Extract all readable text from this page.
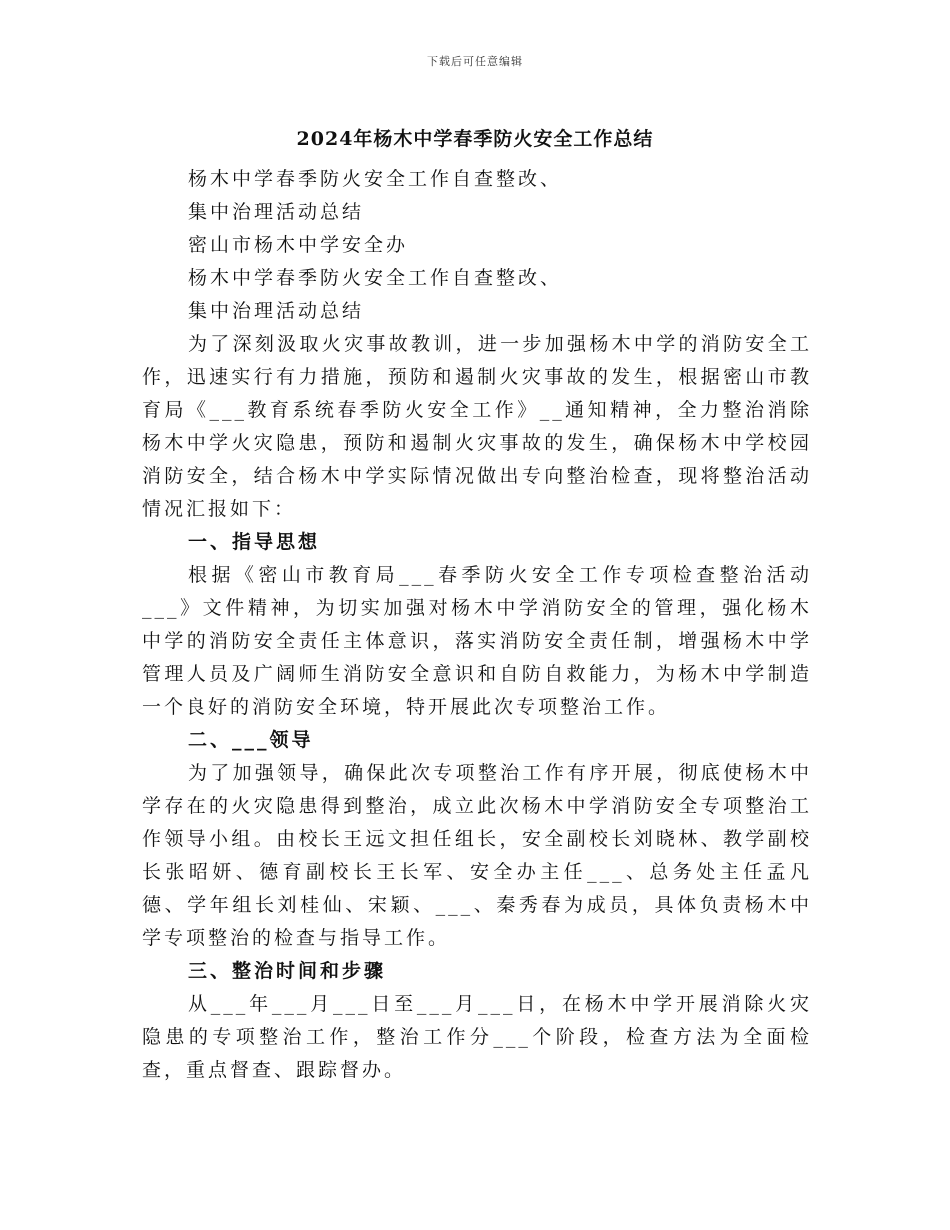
下载后可任意编辑
2024年杨木中学春季防火安全工作总结

杨木中学春季防火安全工作自查整改、

集中治理活动总结

密山市杨木中学安全办

杨木中学春季防火安全工作自查整改、

集中治理活动总结

为了深刻汲取火灾事故教训，进一步加强杨木中学的消防安全工作，迅速实行有力措施，预防和遏制火灾事故的发生，根据密山市教育局《___教育系统春季防火安全工作》__通知精神，全力整治消除杨木中学火灾隐患，预防和遏制火灾事故的发生，确保杨木中学校园消防安全，结合杨木中学实际情况做出专向整治检查，现将整治活动情况汇报如下：

一、指导思想

根据《密山市教育局___春季防火安全工作专项检查整治活动___》文件精神，为切实加强对杨木中学消防安全的管理，强化杨木中学的消防安全责任主体意识，落实消防安全责任制，增强杨木中学管理人员及广阔师生消防安全意识和自防自救能力，为杨木中学制造一个良好的消防安全环境，特开展此次专项整治工作。

二、___领导

为了加强领导，确保此次专项整治工作有序开展，彻底使杨木中学存在的火灾隐患得到整治，成立此次杨木中学消防安全专项整治工作领导小组。由校长王远文担任组长，安全副校长刘晓林、教学副校长张昭妍、德育副校长王长军、安全办主任___、总务处主任孟凡德、学年组长刘桂仙、宋颖、___、秦秀春为成员，具体负责杨木中学专项整治的检查与指导工作。

三、整治时间和步骤

从___年___月___日至___月___日，在杨木中学开展消除火灾隐患的专项整治工作，整治工作分___个阶段，检查方法为全面检查，重点督查、跟踪督办。
